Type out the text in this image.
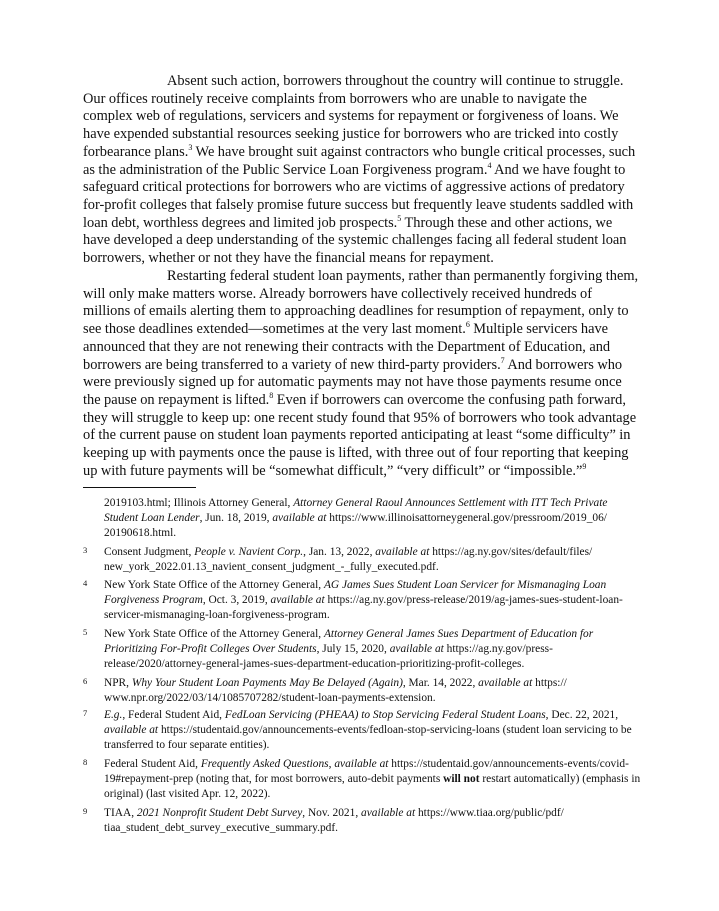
Absent such action, borrowers throughout the country will continue to struggle. Our offices routinely receive complaints from borrowers who are unable to navigate the complex web of regulations, servicers and systems for repayment or forgiveness of loans. We have expended substantial resources seeking justice for borrowers who are tricked into costly forbearance plans.$^3$ We have brought suit against contractors who bungle critical processes, such as the administration of the Public Service Loan Forgiveness program.$^4$ And we have fought to safeguard critical protections for borrowers who are victims of aggressive actions of predatory for-profit colleges that falsely promise future success but frequently leave students saddled with loan debt, worthless degrees and limited job prospects.$^5$ Through these and other actions, we have developed a deep understanding of the systemic challenges facing all federal student loan borrowers, whether or not they have the financial means for repayment.

Restarting federal student loan payments, rather than permanently forgiving them, will only make matters worse. Already borrowers have collectively received hundreds of millions of emails alerting them to approaching deadlines for resumption of repayment, only to see those deadlines extended—sometimes at the very last moment.$^6$ Multiple servicers have announced that they are not renewing their contracts with the Department of Education, and borrowers are being transferred to a variety of new third-party providers.$^7$ And borrowers who were previously signed up for automatic payments may not have those payments resume once the pause on repayment is lifted.$^8$ Even if borrowers can overcome the confusing path forward, they will struggle to keep up: one recent study found that 95% of borrowers who took advantage of the current pause on student loan payments reported anticipating at least “some difficulty” in keeping up with payments once the pause is lifted, with three out of four reporting that keeping up with future payments will be “somewhat difficult,” “very difficult” or “impossible.”$^9$

2019103.html; Illinois Attorney General, Attorney General Raoul Announces Settlement with ITT Tech Private Student Loan Lender, Jun. 18, 2019, available at https://www.illinoisattorneygeneral.gov/pressroom/2019_06/ 20190618.html.

3 Consent Judgment, People v. Navient Corp., Jan. 13, 2022, available at https://ag.ny.gov/sites/default/files/ new_york_2022.01.13_navient_consent_judgment_-_fully_executed.pdf.

4 New York State Office of the Attorney General, AG James Sues Student Loan Servicer for Mismanaging Loan Forgiveness Program, Oct. 3, 2019, available at https://ag.ny.gov/press-release/2019/ag-james-sues-student-loan-servicer-mismanaging-loan-forgiveness-program.

5 New York State Office of the Attorney General, Attorney General James Sues Department of Education for Prioritizing For-Profit Colleges Over Students, July 15, 2020, available at https://ag.ny.gov/press-release/2020/attorney-general-james-sues-department-education-prioritizing-profit-colleges.

6 NPR, Why Your Student Loan Payments May Be Delayed (Again), Mar. 14, 2022, available at https:// www.npr.org/2022/03/14/1085707282/student-loan-payments-extension.

7 E.g., Federal Student Aid, FedLoan Servicing (PHEAA) to Stop Servicing Federal Student Loans, Dec. 22, 2021, available at https://studentaid.gov/announcements-events/fedloan-stop-servicing-loans (student loan servicing to be transferred to four separate entities).

8 Federal Student Aid, Frequently Asked Questions, available at https://studentaid.gov/announcements-events/covid-19#repayment-prep (noting that, for most borrowers, auto-debit payments will not restart automatically) (emphasis in original) (last visited Apr. 12, 2022).

9 TIAA, 2021 Nonprofit Student Debt Survey, Nov. 2021, available at https://www.tiaa.org/public/pdf/ tiaa_student_debt_survey_executive_summary.pdf.
